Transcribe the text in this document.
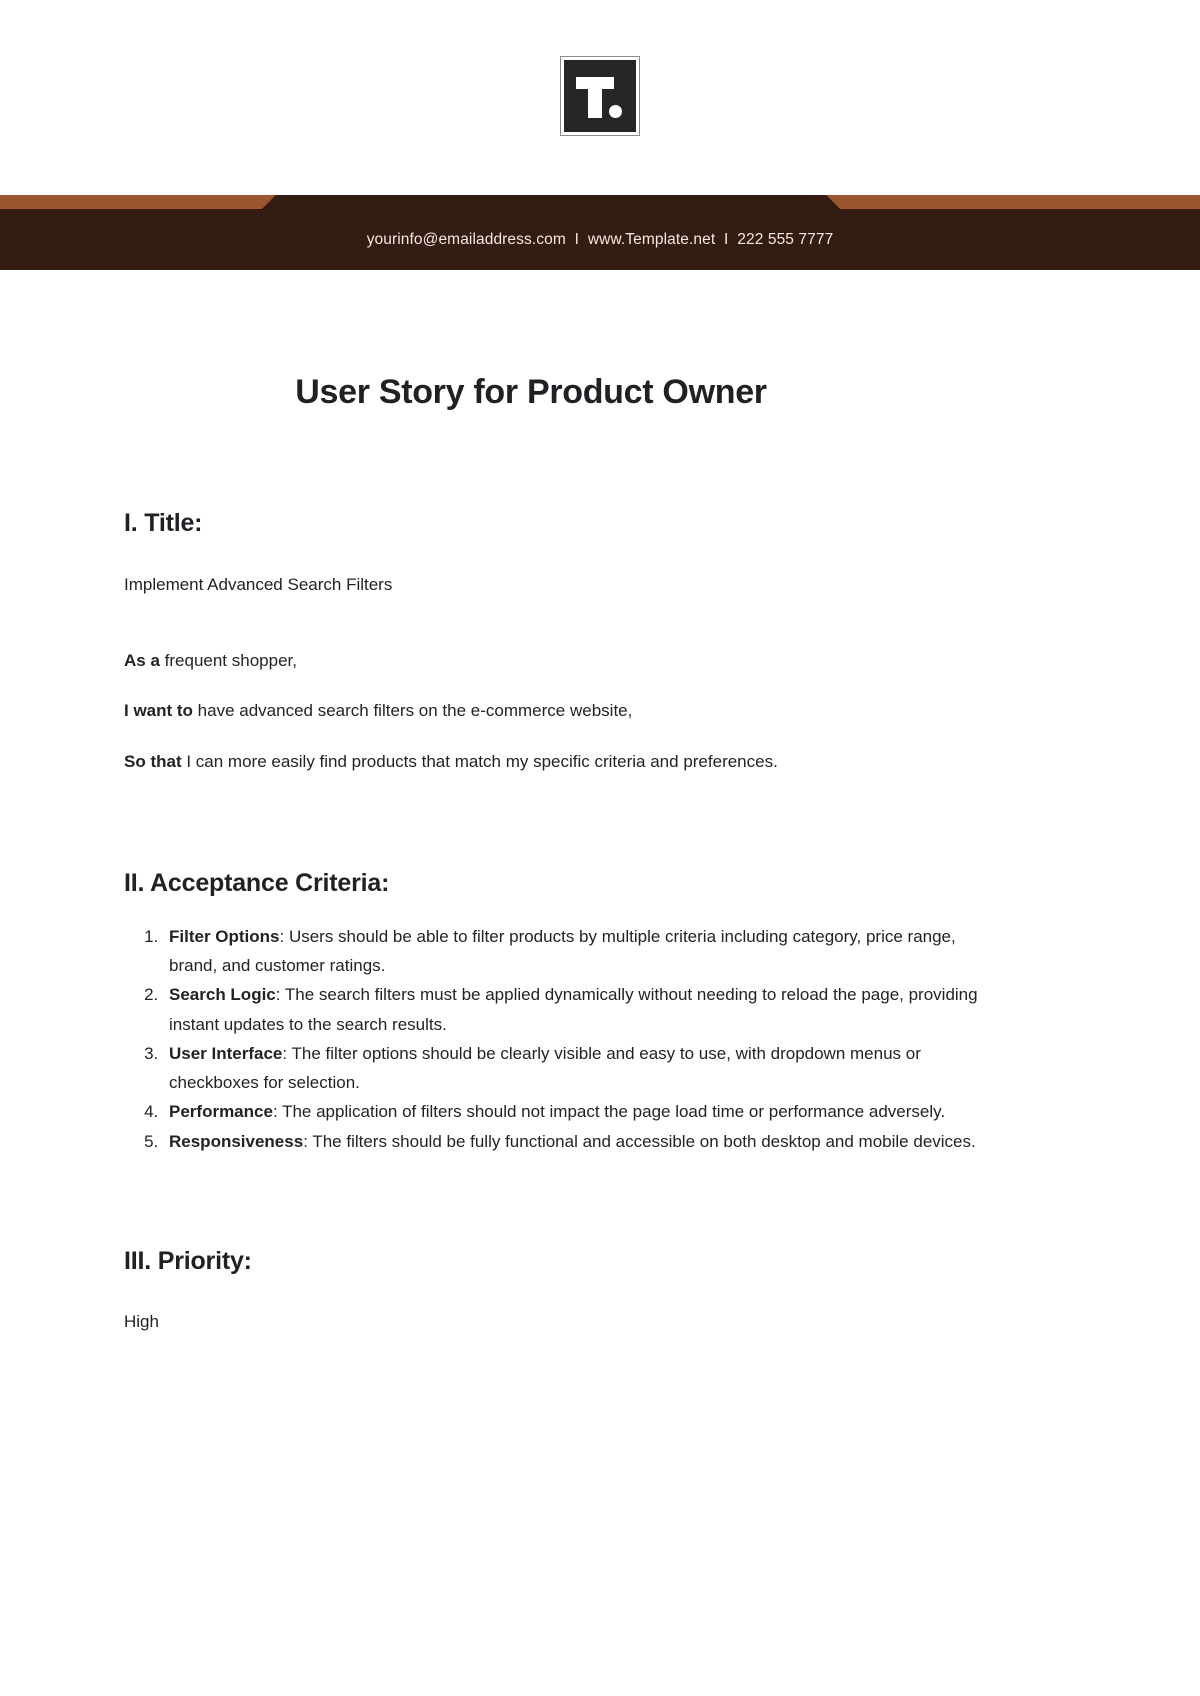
yourinfo@emailaddress.com  I  www.Template.net  I  222 555 7777
User Story for Product Owner
I. Title:

Implement Advanced Search Filters

As a frequent shopper,

I want to have advanced search filters on the e-commerce website,

So that I can more easily find products that match my specific criteria and preferences.

II. Acceptance Criteria:
1. Filter Options: Users should be able to filter products by multiple criteria including category, price range, brand, and customer ratings.
2. Search Logic: The search filters must be applied dynamically without needing to reload the page, providing instant updates to the search results.
3. User Interface: The filter options should be clearly visible and easy to use, with dropdown menus or checkboxes for selection.
4. Performance: The application of filters should not impact the page load time or performance adversely.
5. Responsiveness: The filters should be fully functional and accessible on both desktop and mobile devices.
III. Priority:

High
